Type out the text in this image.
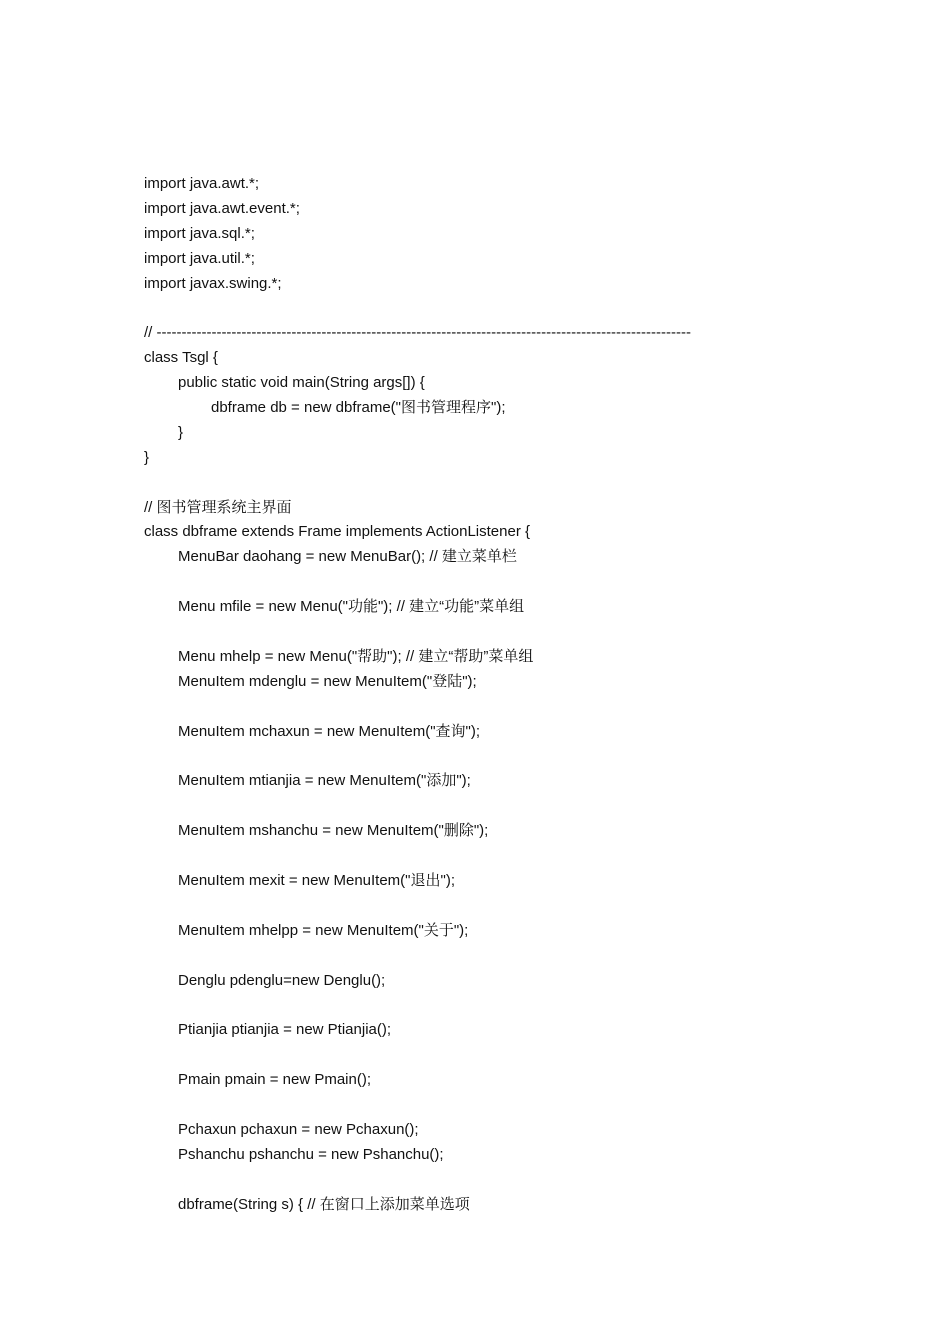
import java.awt.*;
import java.awt.event.*;
import java.sql.*;
import java.util.*;
import javax.swing.*;
// -----------------------------------------------------------------------------------------------------------
class Tsgl {
public static void main(String args[]) {
dbframe db = new dbframe("图书管理程序");
}
}
// 图书管理系统主界面
class dbframe extends Frame implements ActionListener {
MenuBar daohang = new MenuBar(); // 建立菜单栏
Menu mfile = new Menu("功能"); // 建立“功能”菜单组
Menu mhelp = new Menu("帮助"); // 建立“帮助”菜单组
MenuItem mdenglu = new MenuItem("登陆");
MenuItem mchaxun = new MenuItem("查询");
MenuItem mtianjia = new MenuItem("添加");
MenuItem mshanchu = new MenuItem("删除");
MenuItem mexit = new MenuItem("退出");
MenuItem mhelpp = new MenuItem("关于");
Denglu pdenglu=new Denglu();
Ptianjia ptianjia = new Ptianjia();
Pmain pmain = new Pmain();
Pchaxun pchaxun = new Pchaxun();
Pshanchu pshanchu = new Pshanchu();
dbframe(String s) { // 在窗口上添加菜单选项
